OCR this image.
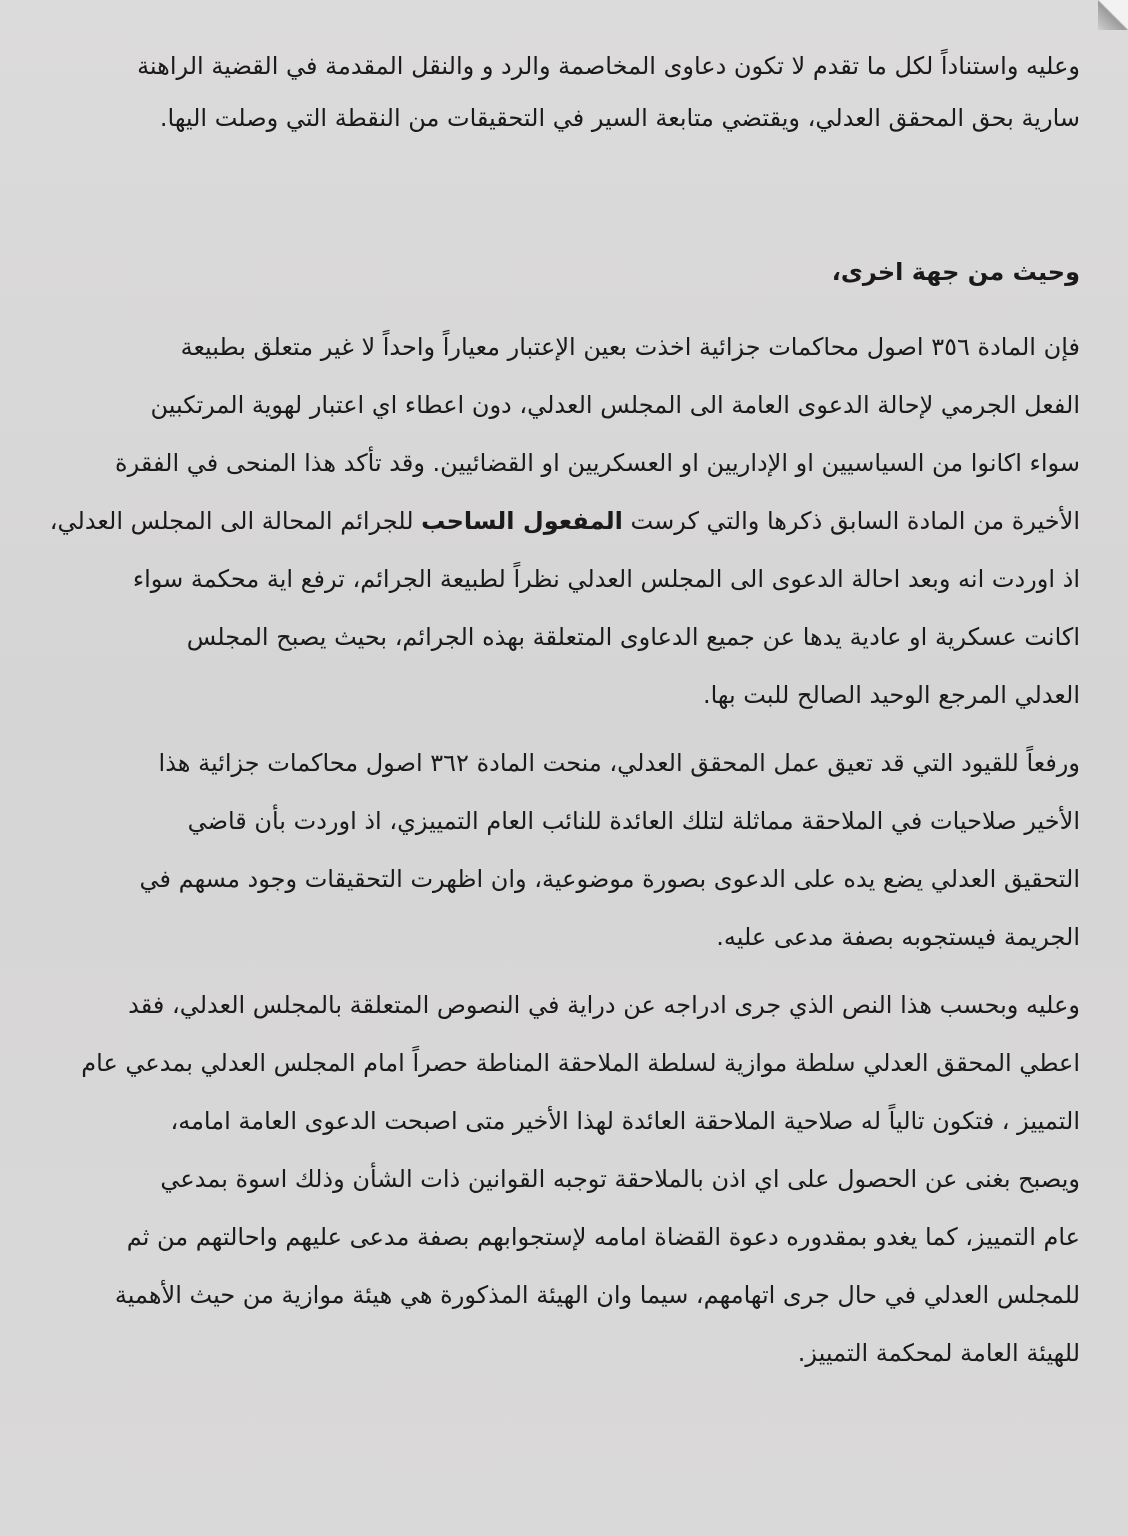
وعليه واستناداً لكل ما تقدم لا تكون دعاوى المخاصمة والرد و والنقل المقدمة في القضية الراهنة
سارية بحق المحقق العدلي، ويقتضي متابعة السير في التحقيقات من النقطة التي وصلت اليها.
وحيث من جهة اخرى،
فإن المادة ٣٥٦ اصول محاكمات جزائية اخذت بعين الإعتبار معياراً واحداً لا غير متعلق بطبيعة
الفعل الجرمي لإحالة الدعوى العامة الى المجلس العدلي، دون اعطاء اي اعتبار لهوية المرتكبين
سواء اكانوا من السياسيين او الإداريين او العسكريين او القضائيين. وقد تأكد هذا المنحى في الفقرة
الأخيرة من المادة السابق ذكرها والتي كرست المفعول الساحب للجرائم المحالة الى المجلس العدلي،
اذ اوردت انه وبعد احالة الدعوى الى المجلس العدلي نظراً لطبيعة الجرائم، ترفع اية محكمة سواء
اكانت عسكرية او عادية يدها عن جميع الدعاوى المتعلقة بهذه الجرائم، بحيث يصبح المجلس
العدلي المرجع الوحيد الصالح للبت بها.
ورفعاً للقيود التي قد تعيق عمل المحقق العدلي، منحت المادة ٣٦٢ اصول محاكمات جزائية هذا
الأخير صلاحيات في الملاحقة مماثلة لتلك العائدة للنائب العام التمييزي، اذ اوردت بأن قاضي
التحقيق العدلي يضع يده على الدعوى بصورة موضوعية، وان اظهرت التحقيقات وجود مسهم في
الجريمة فيستجوبه بصفة مدعى عليه.
وعليه وبحسب هذا النص الذي جرى ادراجه عن دراية في النصوص المتعلقة بالمجلس العدلي، فقد
اعطي المحقق العدلي سلطة موازية لسلطة الملاحقة المناطة حصراً امام المجلس العدلي بمدعي عام
التمييز ، فتكون تالياً له صلاحية الملاحقة العائدة لهذا الأخير متى اصبحت الدعوى العامة امامه،
ويصبح بغنى عن الحصول على اي اذن بالملاحقة توجبه القوانين ذات الشأن وذلك اسوة بمدعي
عام التمييز، كما يغدو بمقدوره دعوة القضاة امامه لإستجوابهم بصفة مدعى عليهم واحالتهم من ثم
للمجلس العدلي في حال جرى اتهامهم، سيما وان الهيئة المذكورة هي هيئة موازية من حيث الأهمية
للهيئة العامة لمحكمة التمييز.
